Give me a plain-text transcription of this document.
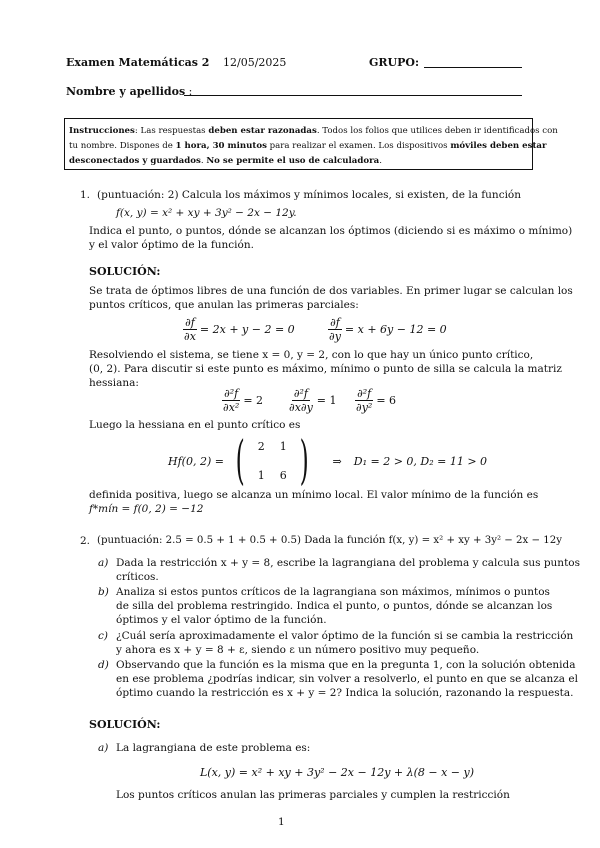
Examen Matemáticas 2 12/05/2025	GRUPO:
Nombre y apellidos :
Instrucciones: Las respuestas deben estar razonadas. Todos los folios que utilices deben ir identificados con
tu nombre. Dispones de 1 hora, 30 minutos para realizar el examen. Los dispositivos móviles deben estar
desconectados y guardados. No se permite el uso de calculadora.
1. (puntuación: 2) Calcula los máximos y mínimos locales, si existen, de la función
f(x, y) = x² + xy + 3y² − 2x − 12y.
Indica el punto, o puntos, dónde se alcanzan los óptimos (diciendo si es máximo o mínimo)
y el valor óptimo de la función.
SOLUCIÓN:
Se trata de óptimos libres de una función de dos variables. En primer lugar se calculan los
puntos críticos, que anulan las primeras parciales:
$\frac{\partial f}{\partial x} = 2x + y - 2 = 0$	$\frac{\partial f}{\partial y} = x + 6y - 12 = 0$
Resolviendo el sistema, se tiene x = 0, y = 2, con lo que hay un único punto crítico,
(0, 2). Para discutir si este punto es máximo, mínimo o punto de silla se calcula la matriz
hessiana:
$\frac{\text{∂²f}}{\text{∂x²}} = 2 \frac{\text{∂²f}}{\partial x\partial y} = 1 \frac{\text{∂²f}}{\text{∂y²}} = 6$
Luego la hessiana en el punto crítico es
Hf(0, 2) = (	2	1
1	6 ) ⇒ D₁ = 2 > 0, D₂ = 11 > 0
definida positiva, luego se alcanza un mínimo local. El valor mínimo de la función es
f*mín = f(0, 2) = −12
2. (puntuación: 2.5 = 0.5 + 1 + 0.5 + 0.5) Dada la función f(x, y) = x² + xy + 3y² − 2x − 12y
a) Dada la restricción x + y = 8, escribe la lagrangiana del problema y calcula sus puntos
críticos.
b) Analiza si estos puntos críticos de la lagrangiana son máximos, mínimos o puntos
de silla del problema restringido. Indica el punto, o puntos, dónde se alcanzan los
óptimos y el valor óptimo de la función.
c) ¿Cuál sería aproximadamente el valor óptimo de la función si se cambia la restricción
y ahora es x + y = 8 + ε, siendo ε un número positivo muy pequeño.
d) Observando que la función es la misma que en la pregunta 1, con la solución obtenida
en ese problema ¿podrías indicar, sin volver a resolverlo, el punto en que se alcanza el
óptimo cuando la restricción es x + y = 2? Indica la solución, razonando la respuesta.
SOLUCIÓN:
a) La lagrangiana de este problema es:
L(x, y) = x² + xy + 3y² − 2x − 12y + λ(8 − x − y)
Los puntos críticos anulan las primeras parciales y cumplen la restricción
1
